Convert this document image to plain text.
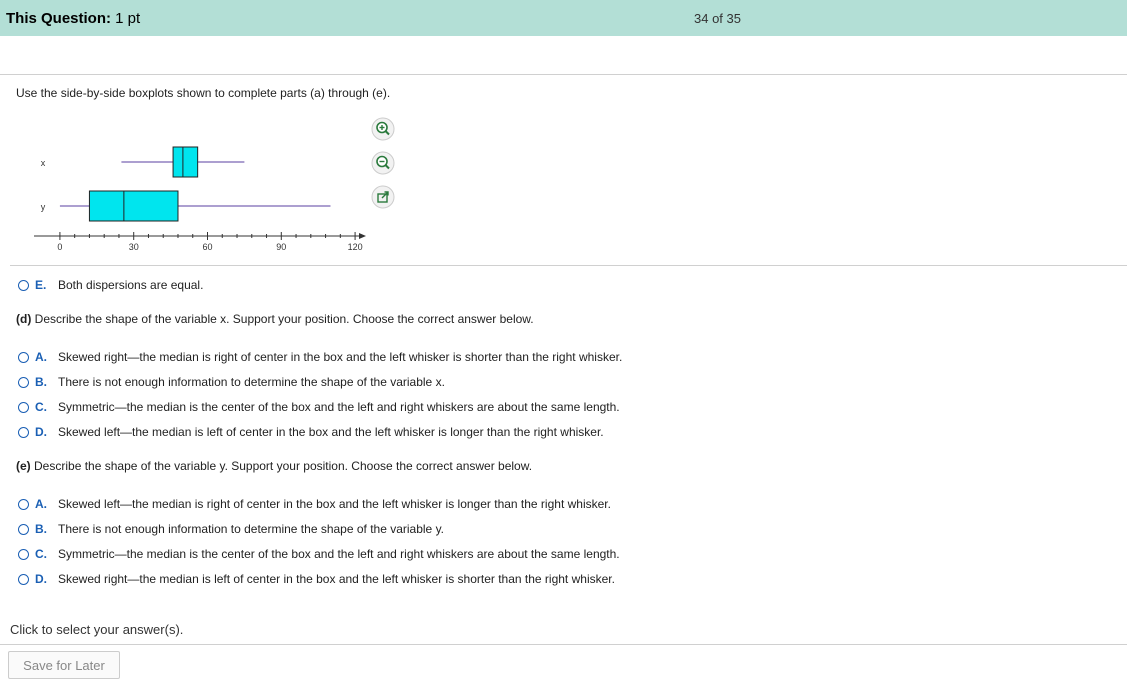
This Question: 1 pt	34 of 35
Use the side-by-side boxplots shown to complete parts (a) through (e).
0	30	60	90	120
x
y
E. Both dispersions are equal.
(d) Describe the shape of the variable x. Support your position. Choose the correct answer below.
A. Skewed right—the median is right of center in the box and the left whisker is shorter than the right whisker.
B. There is not enough information to determine the shape of the variable x.
C. Symmetric—the median is the center of the box and the left and right whiskers are about the same length.
D. Skewed left—the median is left of center in the box and the left whisker is longer than the right whisker.
(e) Describe the shape of the variable y. Support your position. Choose the correct answer below.
A. Skewed left—the median is right of center in the box and the left whisker is longer than the right whisker.
B. There is not enough information to determine the shape of the variable y.
C. Symmetric—the median is the center of the box and the left and right whiskers are about the same length.
D. Skewed right—the median is left of center in the box and the left whisker is shorter than the right whisker.
Click to select your answer(s).
Save for Later
